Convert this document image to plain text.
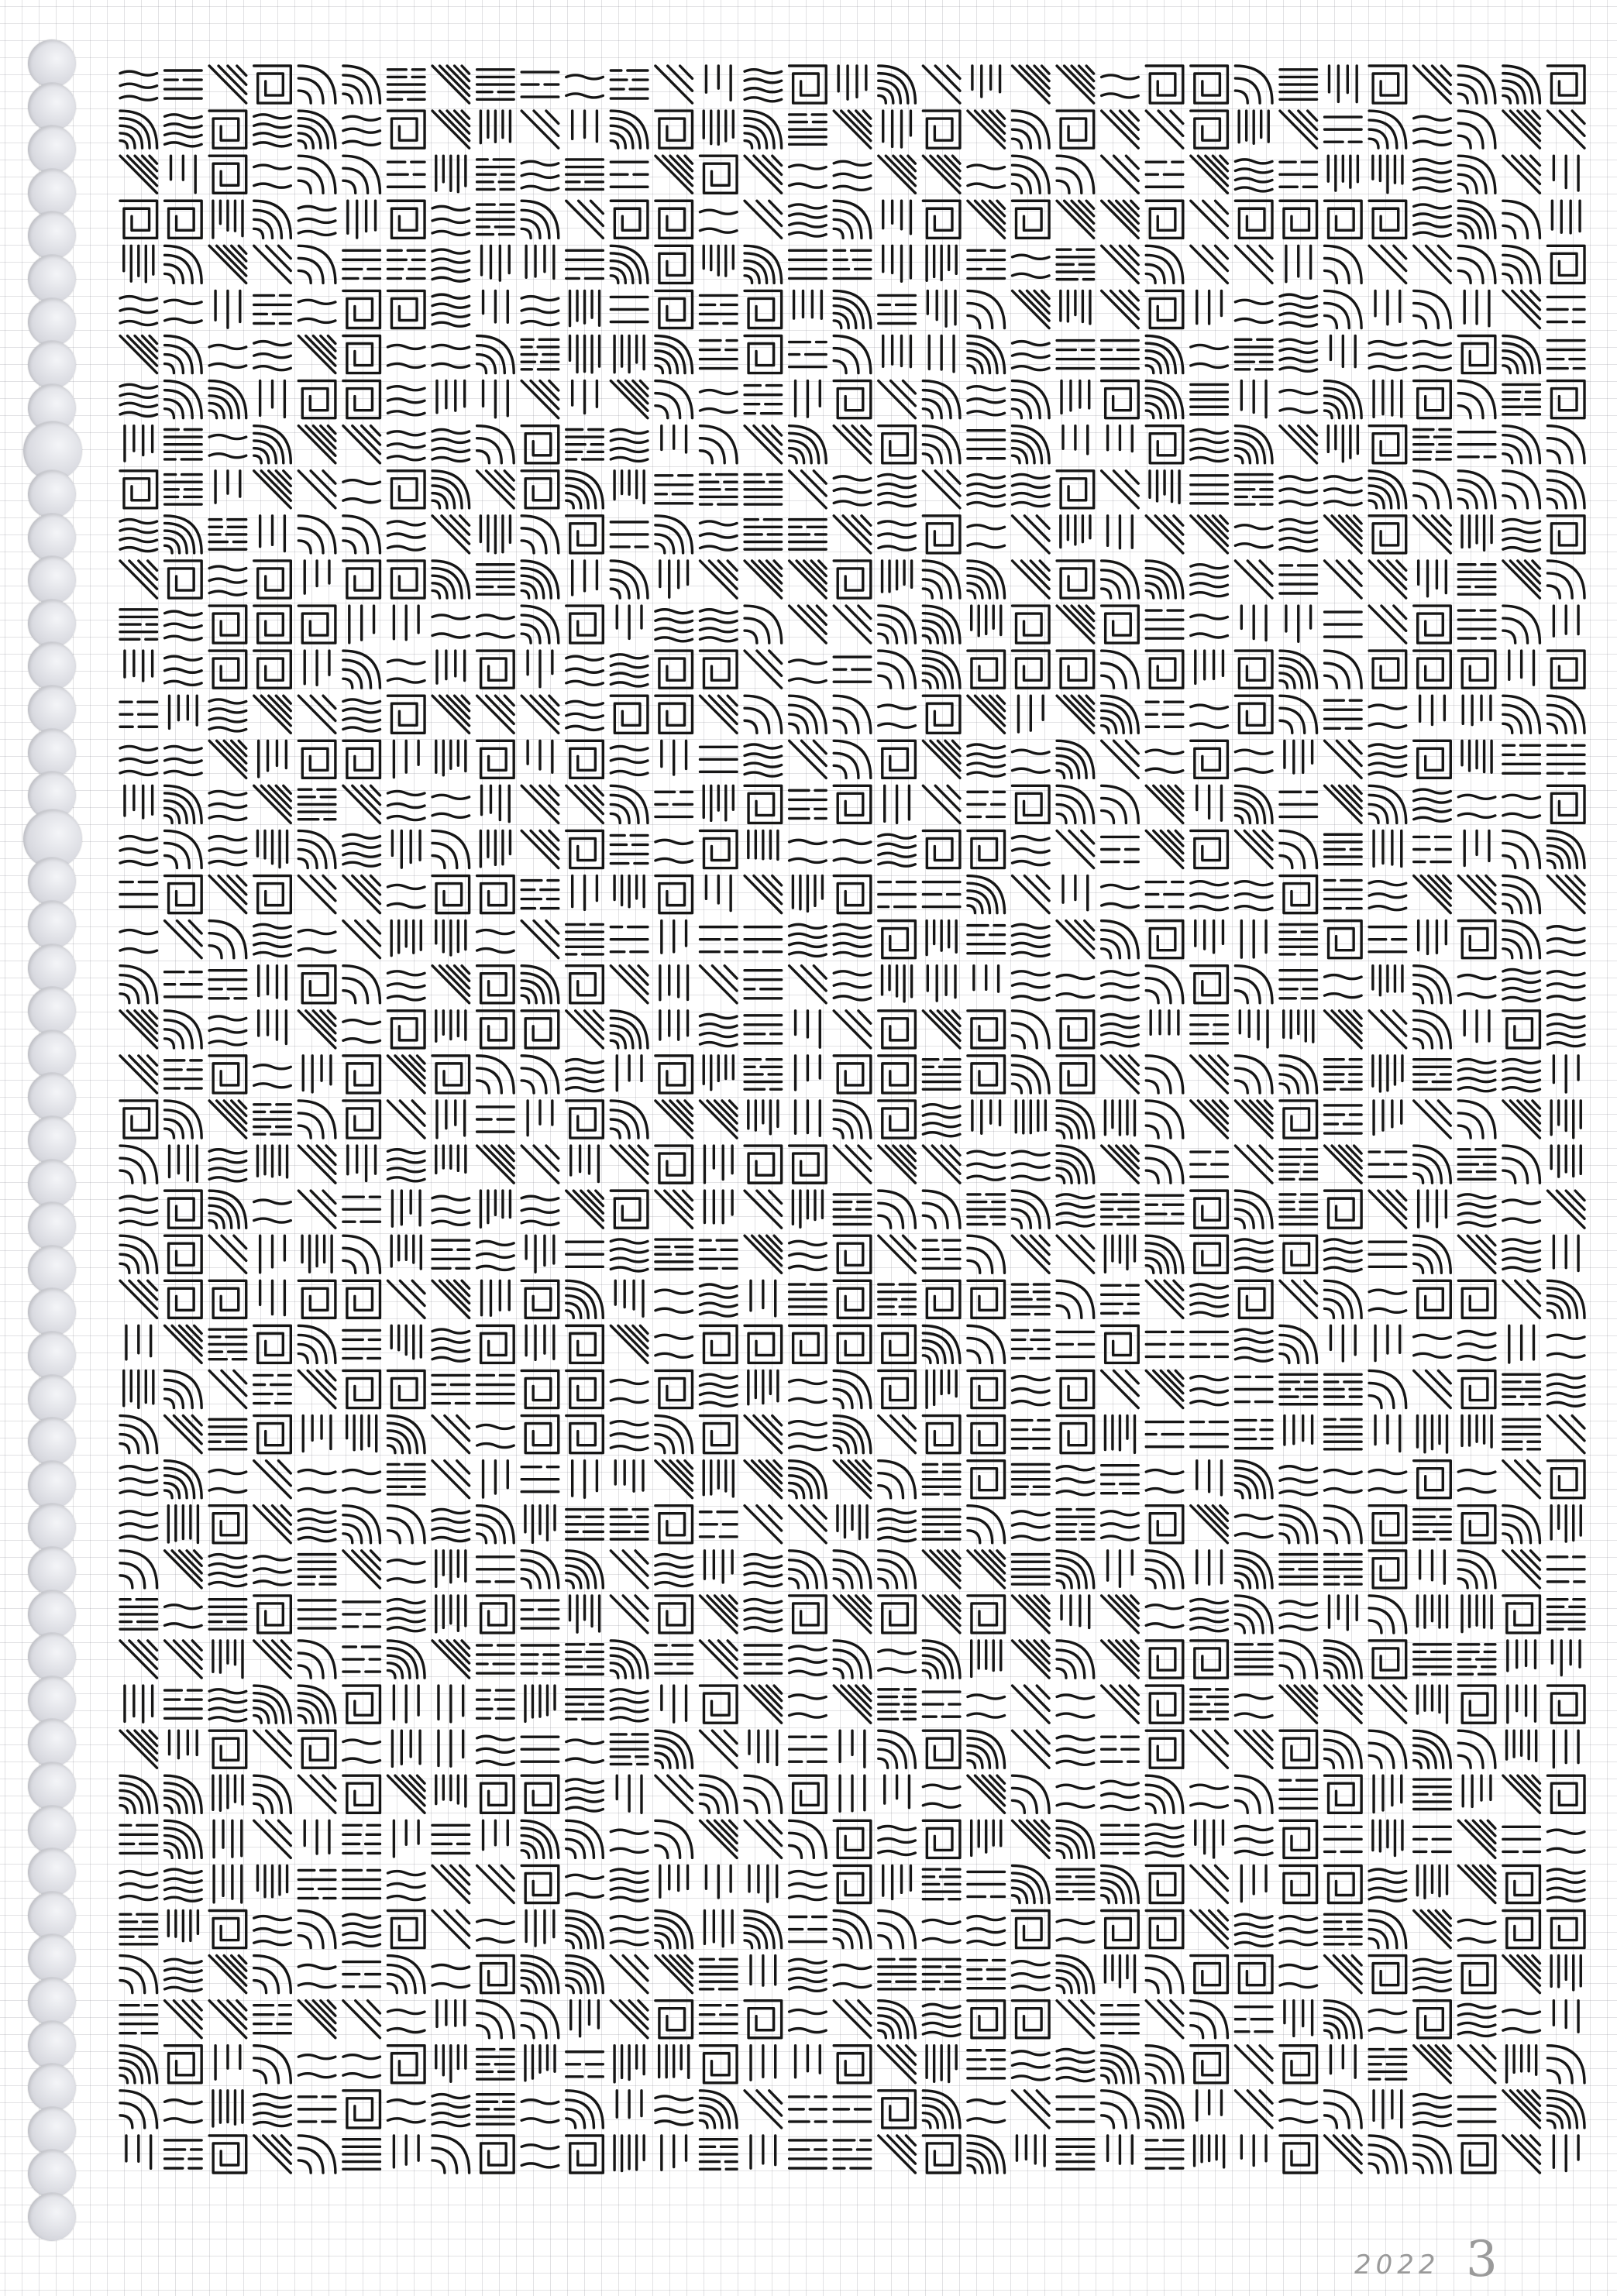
2022 3
